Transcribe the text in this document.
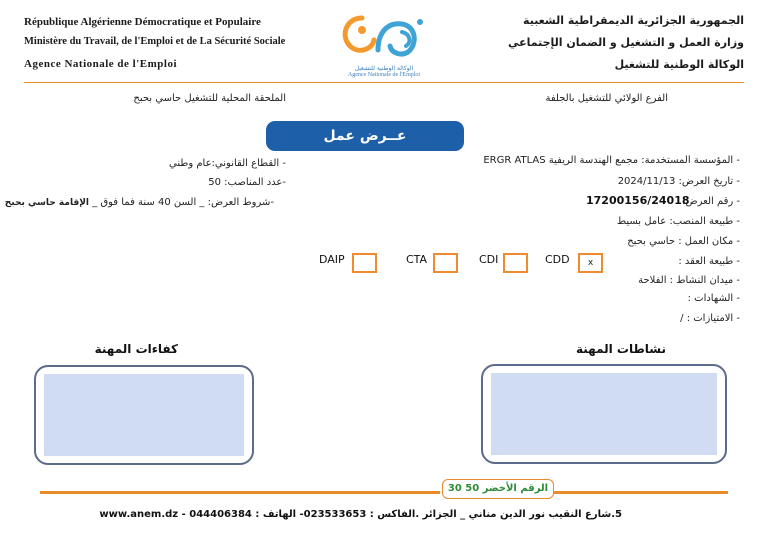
République Algérienne Démocratique et Populaire
Ministère du Travail, de l'Emploi et de La Sécurité Sociale
Agence Nationale de l'Emploi
الجمهورية الجزائرية الديمقراطية الشعبية
وزارة العمل و التشغيل و الضمان الإجتماعي
الوكالة الوطنية للتشغيل
الوكالة الوطنية للتشغيل
Agence Nationale de l'Emploi
الفرع الولائي للتشغيل بالجلفة
الملحقة المحلية للتشغيل حاسي بحبح
عــرض عمل
- المؤسسة المستخدمة: مجمع الهندسة الريفية ERGR ATLAS
- تاريخ العرض: 2024/11/13
- رقم العرض:
17200156/24018
- طبيعة المنصب: عامل بسيط
- مكان العمل : حاسي بحبح
- طبيعة العقد :
- ميدان النشاط : الفلاحة
- الشهادات :
- الامتيازات : /
- القطاع القانوني:عام وطني
-عدد المناصب: 50
-شروط العرض: _ السن 40 سنة فما فوق _ الإقامة حاسي بحبح
CDD	x
CDI
CTA
DAIP
نشاطات المهنة
كفاءات المهنة
الرقم الأخضر 50 30
5.شارع النقيب نور الدين مناني _ الجزائر .الفاكس : 023533653- الهاتف : 044406384 - www.anem.dz
